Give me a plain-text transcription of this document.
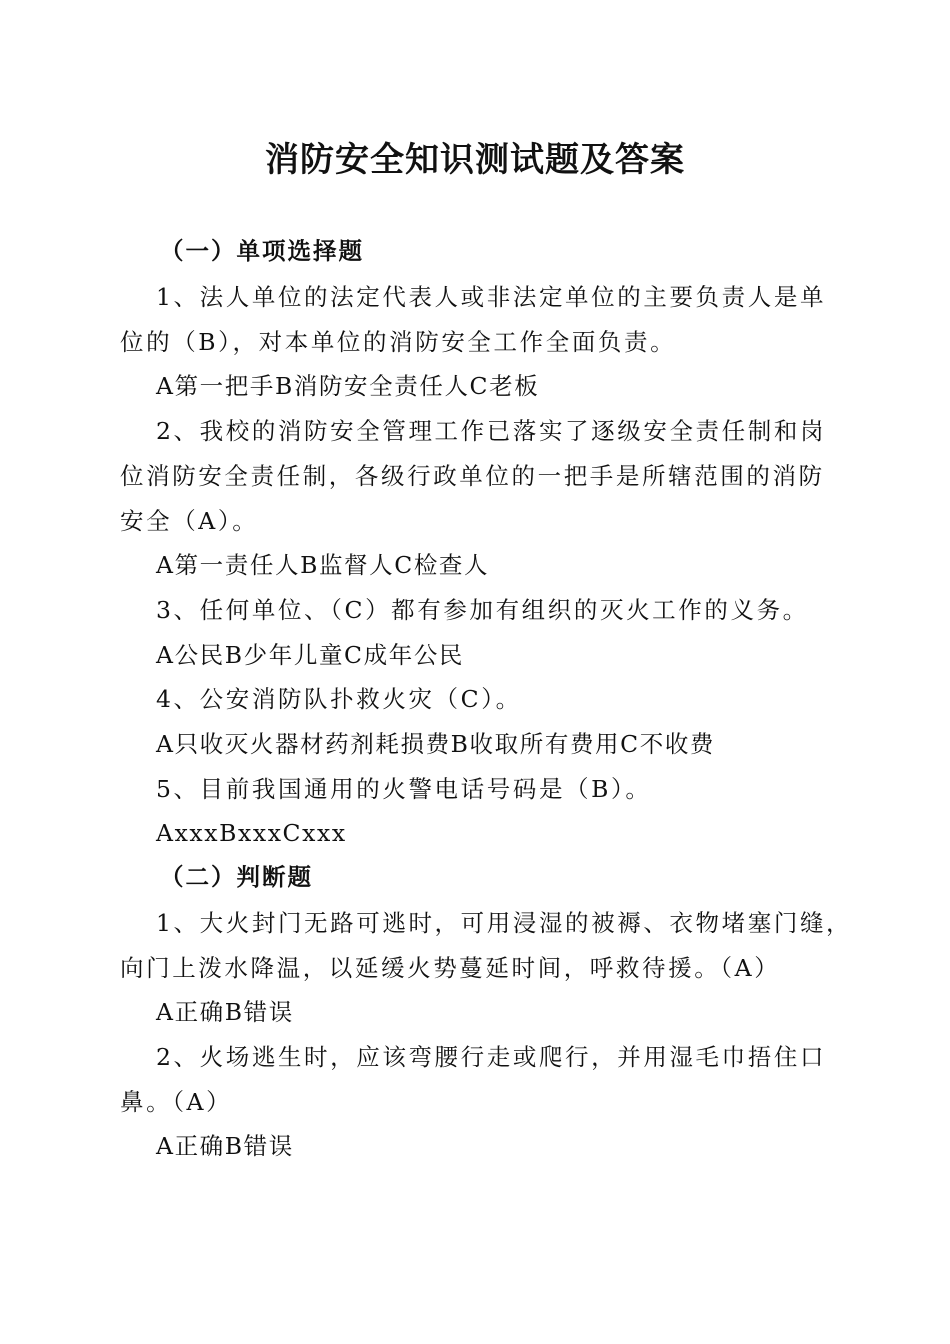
消防安全知识测试题及答案
（一）单项选择题
1、法人单位的法定代表人或非法定单位的主要负责人是单
位的（B），对本单位的消防安全工作全面负责。
A第一把手B消防安全责任人C老板
2、我校的消防安全管理工作已落实了逐级安全责任制和岗
位消防安全责任制，各级行政单位的一把手是所辖范围的消防
安全（A）。
A第一责任人B监督人C检查人
3、任何单位、（C）都有参加有组织的灭火工作的义务。
A公民B少年儿童C成年公民
4、公安消防队扑救火灾（C）。
A只收灭火器材药剂耗损费B收取所有费用C不收费
5、目前我国通用的火警电话号码是（B）。
AxxxBxxxCxxx
（二）判断题
1、大火封门无路可逃时，可用浸湿的被褥、衣物堵塞门缝，
向门上泼水降温，以延缓火势蔓延时间，呼救待援。（A）
A正确B错误
2、火场逃生时，应该弯腰行走或爬行，并用湿毛巾捂住口
鼻。（A）
A正确B错误
